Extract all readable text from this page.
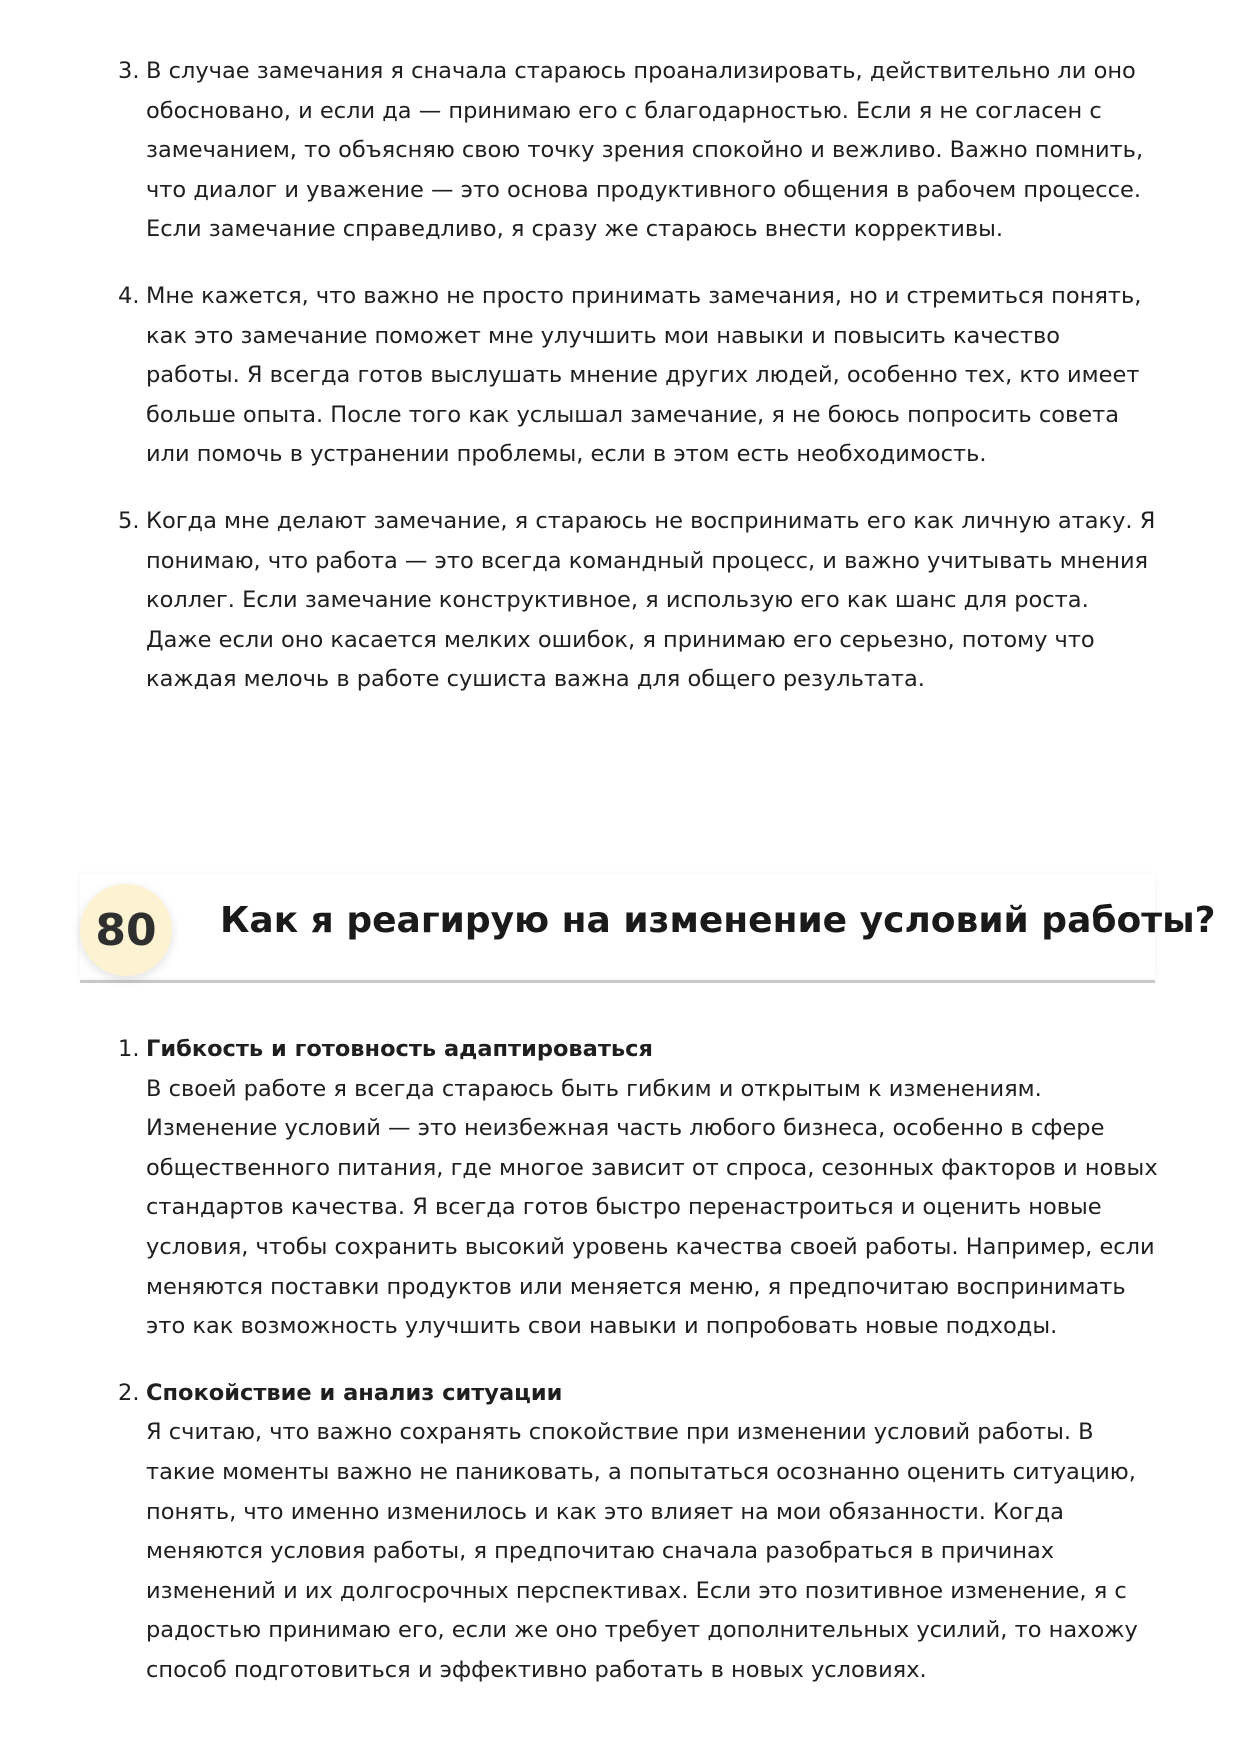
3. В случае замечания я сначала стараюсь проанализировать, действительно ли оно обосновано, и если да — принимаю его с благодарностью. Если я не согласен с замечанием, то объясняю свою точку зрения спокойно и вежливо. Важно помнить, что диалог и уважение — это основа продуктивного общения в рабочем процессе. Если замечание справедливо, я сразу же стараюсь внести коррективы.
4. Мне кажется, что важно не просто принимать замечания, но и стремиться понять, как это замечание поможет мне улучшить мои навыки и повысить качество работы. Я всегда готов выслушать мнение других людей, особенно тех, кто имеет больше опыта. После того как услышал замечание, я не боюсь попросить совета или помочь в устранении проблемы, если в этом есть необходимость.
5. Когда мне делают замечание, я стараюсь не воспринимать его как личную атаку. Я понимаю, что работа — это всегда командный процесс, и важно учитывать мнения коллег. Если замечание конструктивное, я использую его как шанс для роста. Даже если оно касается мелких ошибок, я принимаю его серьезно, потому что каждая мелочь в работе сушиста важна для общего результата.
80	Как я реагирую на изменение условий работы?
1. Гибкость и готовность адаптироваться
В своей работе я всегда стараюсь быть гибким и открытым к изменениям. Изменение условий — это неизбежная часть любого бизнеса, особенно в сфере общественного питания, где многое зависит от спроса, сезонных факторов и новых стандартов качества. Я всегда готов быстро перенастроиться и оценить новые условия, чтобы сохранить высокий уровень качества своей работы. Например, если меняются поставки продуктов или меняется меню, я предпочитаю воспринимать это как возможность улучшить свои навыки и попробовать новые подходы.
2. Спокойствие и анализ ситуации
Я считаю, что важно сохранять спокойствие при изменении условий работы. В такие моменты важно не паниковать, а попытаться осознанно оценить ситуацию, понять, что именно изменилось и как это влияет на мои обязанности. Когда меняются условия работы, я предпочитаю сначала разобраться в причинах изменений и их долгосрочных перспективах. Если это позитивное изменение, я с радостью принимаю его, если же оно требует дополнительных усилий, то нахожу способ подготовиться и эффективно работать в новых условиях.
